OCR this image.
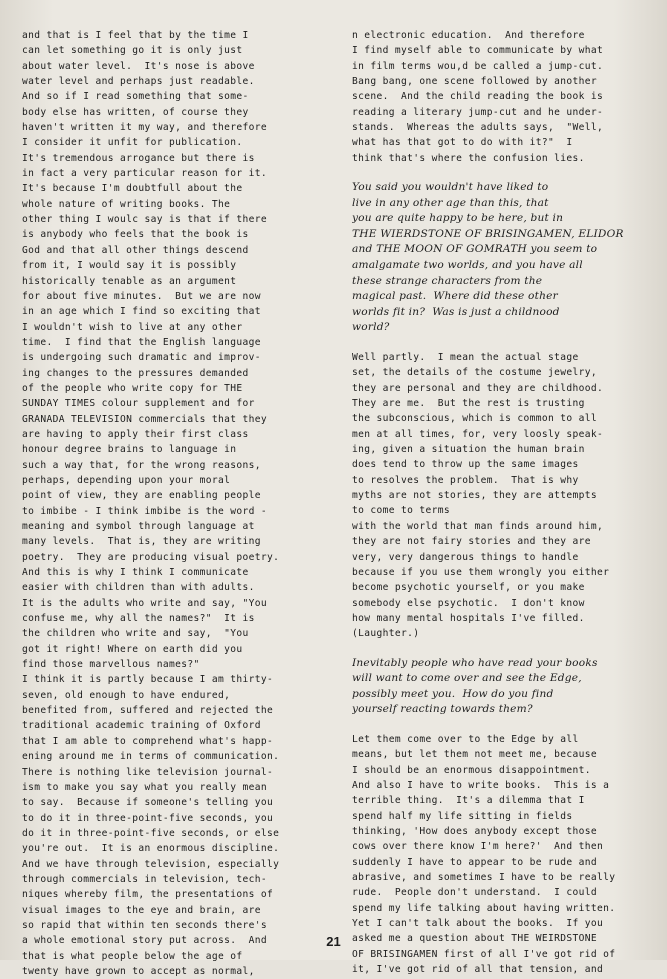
and that is I feel that by the time I
can let something go it is only just
about water level.  It's nose is above
water level and perhaps just readable.
And so if I read something that some-
body else has written, of course they
haven't written it my way, and therefore
I consider it unfit for publication.
It's tremendous arrogance but there is
in fact a very particular reason for it.
It's because I'm doubtfull about the
whole nature of writing books. The
other thing I woulc say is that if there
is anybody who feels that the book is
God and that all other things descend
from it, I would say it is possibly
historically tenable as an argument
for about five minutes.  But we are now
in an age which I find so exciting that
I wouldn't wish to live at any other
time.  I find that the English language
is undergoing such dramatic and improv-
ing changes to the pressures demanded
of the people who write copy for THE
SUNDAY TIMES colour supplement and for
GRANADA TELEVISION commercials that they
are having to apply their first class
honour degree brains to language in
such a way that, for the wrong reasons,
perhaps, depending upon your moral
point of view, they are enabling people
to imbibe - I think imbibe is the word -
meaning and symbol through language at
many levels.  That is, they are writing
poetry.  They are producing visual poetry.
And this is why I think I communicate
easier with children than with adults.
It is the adults who write and say, "You
confuse me, why all the names?"  It is
the children who write and say,  "You
got it right! Where on earth did you
find those marvellous names?"
I think it is partly because I am thirty-
seven, old enough to have endured,
benefited from, suffered and rejected the
traditional academic training of Oxford
that I am able to comprehend what's happ-
ening around me in terms of communication.
There is nothing like television journal-
ism to make you say what you really mean
to say.  Because if someone's telling you
to do it in three-point-five seconds, you
do it in three-point-five seconds, or else
you're out.  It is an enormous discipline.
And we have through television, especially
through commercials in television, tech-
niques whereby film, the presentations of
visual images to the eye and brain, are
so rapid that within ten seconds there's
a whole emotional story put across.  And
that is what people below the age of
twenty have grown to accept as normal,
n electronic education.  And therefore
I find myself able to communicate by what
in film terms wou,d be called a jump-cut.
Bang bang, one scene followed by another
scene.  And the child reading the book is
reading a literary jump-cut and he under-
stands.  Whereas the adults says,  "Well,
what has that got to do with it?"  I
think that's where the confusion lies.
You said you wouldn't have liked to
live in any other age than this, that
you are quite happy to be here, but in
THE WIERDSTONE OF BRISINGAMEN, ELIDOR
and THE MOON OF GOMRATH you seem to
amalgamate two worlds, and you have all
these strange characters from the
magical past.  Where did these other
worlds fit in?  Was is just a childnood
world?
Well partly.  I mean the actual stage
set, the details of the costume jewelry,
they are personal and they are childhood.
They are me.  But the rest is trusting
the subconscious, which is common to all
men at all times, for, very loosly speak-
ing, given a situation the human brain
does tend to throw up the same images
to resolves the problem.  That is why
myths are not stories, they are attempts
to come to terms
with the world that man finds around him,
they are not fairy stories and they are
very, very dangerous things to handle
because if you use them wrongly you either
become psychotic yourself, or you make
somebody else psychotic.  I don't know
how many mental hospitals I've filled.
(Laughter.)
Inevitably people who have read your books
will want to come over and see the Edge,
possibly meet you.  How do you find
yourself reacting towards them?
Let them come over to the Edge by all
means, but let them not meet me, because
I should be an enormous disappointment.
And also I have to write books.  This is a
terrible thing.  It's a dilemma that I
spend half my life sitting in fields
thinking, 'How does anybody except those
cows over there know I'm here?'  And then
suddenly I have to appear to be rude and
abrasive, and sometimes I have to be really
rude.  People don't understand.  I could
spend my life talking about having written.
Yet I can't talk about the books.  If you
asked me a question about THE WEIRDSTONE
OF BRISINGAMEN first of all I've got rid of
it, I've got rid of all that tension, and
21
